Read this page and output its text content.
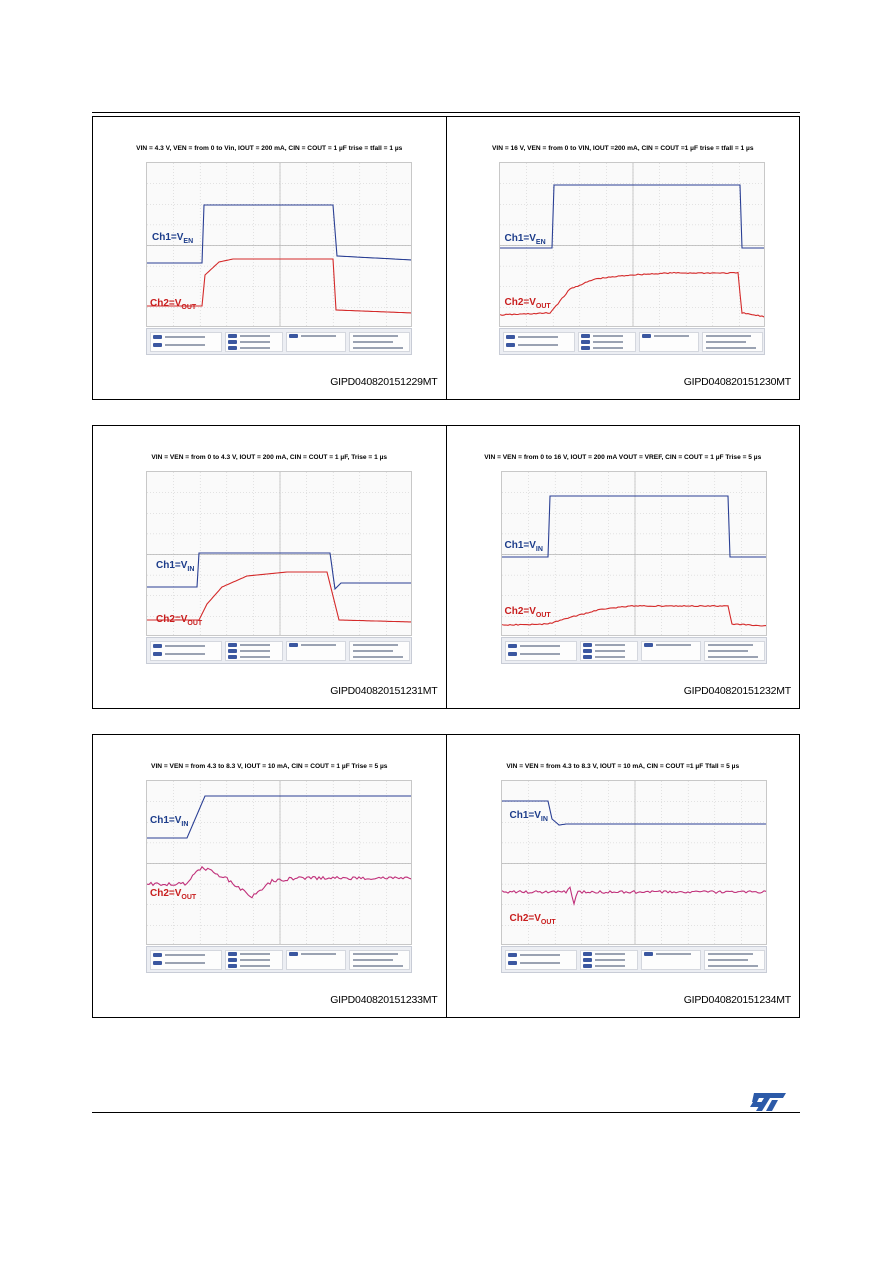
VIN = 4.3 V, VEN = from 0 to Vin, IOUT = 200 mA, CIN = COUT = 1 µF trise = tfall = 1 µs
$Ch1=V_{EN}$
$Ch2=V_{OUT}$
GIPD040820151229MT
VIN = 16 V, VEN = from 0 to VIN, IOUT =200 mA, CIN = COUT =1 µF trise = tfall = 1 µs
$Ch1=V_{EN}$
$Ch2=V_{OUT}$
GIPD040820151230MT
VIN = VEN = from 0 to 4.3 V, IOUT = 200 mA, CIN = COUT = 1 µF, Trise = 1 µs
$Ch1=V_{IN}$
$Ch2=V_{OUT}$
GIPD040820151231MT
VIN = VEN = from 0 to 16 V, IOUT = 200 mA VOUT = VREF, CIN = COUT = 1 µF Trise = 5 µs
$Ch1=V_{IN}$
$Ch2=V_{OUT}$
GIPD040820151232MT
VIN = VEN = from 4.3 to 8.3 V, IOUT = 10 mA, CIN = COUT = 1 µF Trise = 5 µs
$Ch1=V_{IN}$
$Ch2=V_{OUT}$
GIPD040820151233MT
VIN = VEN = from 4.3 to 8.3 V, IOUT = 10 mA, CIN = COUT =1 µF Tfall = 5 µs
$Ch1=V_{IN}$
$Ch2=V_{OUT}$
GIPD040820151234MT
